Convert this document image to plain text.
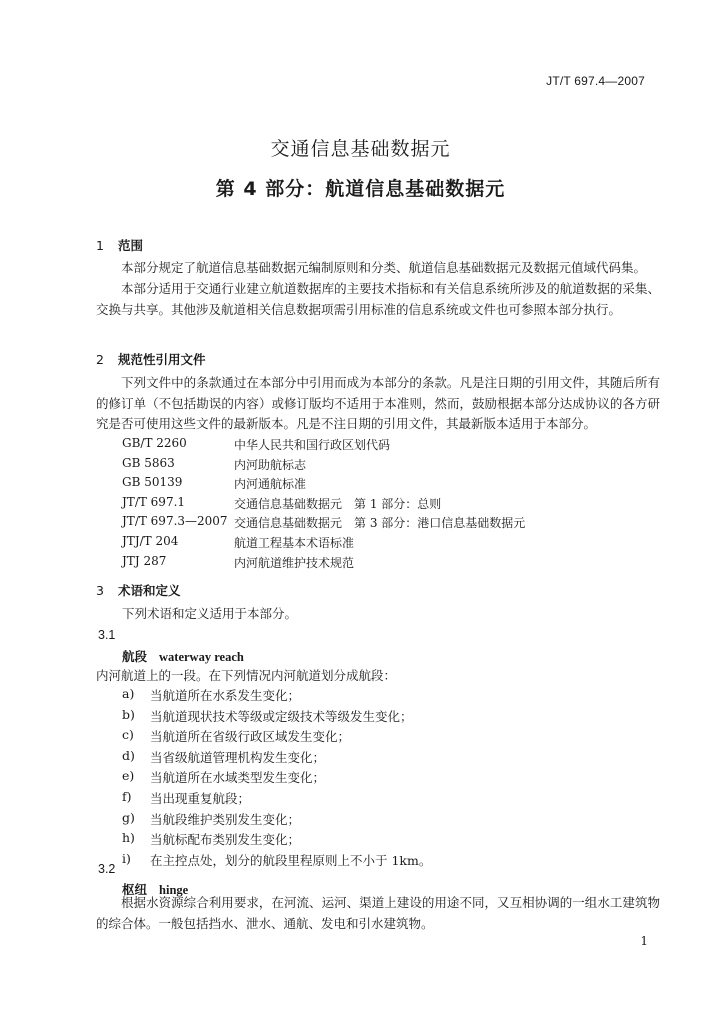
JT/T 697.4—2007
交通信息基础数据元
第 4 部分：航道信息基础数据元
1 范围
本部分规定了航道信息基础数据元编制原则和分类、航道信息基础数据元及数据元值域代码集。
本部分适用于交通行业建立航道数据库的主要技术指标和有关信息系统所涉及的航道数据的采集、交换与共享。其他涉及航道相关信息数据项需引用标准的信息系统或文件也可参照本部分执行。
2 规范性引用文件
下列文件中的条款通过在本部分中引用而成为本部分的条款。凡是注日期的引用文件，其随后所有的修订单（不包括勘误的内容）或修订版均不适用于本准则，然而，鼓励根据本部分达成协议的各方研究是否可使用这些文件的最新版本。凡是不注日期的引用文件，其最新版本适用于本部分。
GB/T 2260	中华人民共和国行政区划代码
GB 5863	内河助航标志
GB 50139	内河通航标准
JT/T 697.1	交通信息基础数据元　第 1 部分：总则
JT/T 697.3—2007 交通信息基础数据元　第 3 部分：港口信息基础数据元
JTJ/T 204	航道工程基本术语标准
JTJ 287	内河航道维护技术规范
3 术语和定义
下列术语和定义适用于本部分。
3.1
航段 waterway reach
内河航道上的一段。在下列情况内河航道划分成航段：
a)	当航道所在水系发生变化；
b)	当航道现状技术等级或定级技术等级发生变化；
c)	当航道所在省级行政区域发生变化；
d)	当省级航道管理机构发生变化；
e)	当航道所在水域类型发生变化；
f)	当出现重复航段；
g)	当航段维护类别发生变化；
h)	当航标配布类别发生变化；
i)	在主控点处，划分的航段里程原则上不小于 1km。
3.2
枢纽 hinge
根据水资源综合利用要求，在河流、运河、渠道上建设的用途不同，又互相协调的一组水工建筑物的综合体。一般包括挡水、泄水、通航、发电和引水建筑物。
1
